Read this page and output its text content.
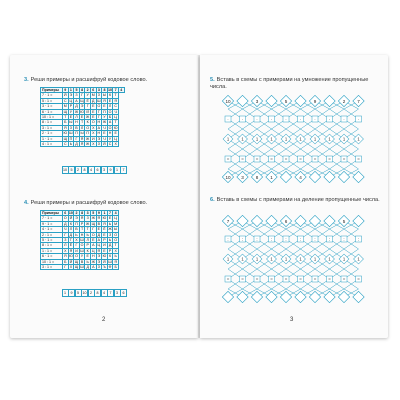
3. Реши примеры и расшифруй кодовое слово.
Примеры	9	1	5	8	2	6	3	8	10	7	4
7 · 1 =	Й	Э	З	Г	У	М	З	Ы	К	Т	
5 : 1 =	С	Ц	А	Щ	Ё	Д	Ш	Я	Е	Я	
3 · 1 =	М	Р	Д	Э	Г	Е	О	Е	Л	С	
6 · 1 =	Щ	У	Ж	Ю	Й	Е	Г	П	О	Ч	
10 : 1 =	Т	Е	Л	Е	Ж	Е	Г	У	Б	Ц	
8 : 1 =	Б	Ы	Н	Т	К	О	Н	Ж	А	Т	
3 : 1 =	Я	З	В	Л	О	Х	А	Ч	О	Ю	
2 · 1 =	Ю	Ш	П	Ы	П	Х	Н	Е	Н	Е	
1 · 1 =	Щ	П	Г	Я	Ж	И	Э	Ч	У	Ц	
4 : 1 =	С	Ь	Д	Я	Ж	Х	З	Й	С	Х	
10 5	2	8	4	6	3	9	1	7
4. Реши примеры и расшифруй кодовое слово.
Примеры	6	10	2	8	3	5	9	1	7	4
7 · 1 =	О	Й	Э	Я	З	Ж	Я	Ю	Е	Ц
9 · 1 =	Д	К	П	Р	Ж	Щ	В	Я	Ь	М
4 · 1 =	Ч	Л	В	Т	Т	Г	Е	Ё	Ж	Ы
2 : 1 =	Г	Д	Ь	Н	Ь	О	Д	Е	З	О
5 · 1 =	З	Т	Х	Ш	Л	Е	А	Р	Ь	О
8 : 1 =	Л	Ё	Г	О	Р	А	Ц	И	Д	Т
1 : 1 =	Х	Я	И	Ш	К	Ц	Я	Е	Р	Х
6 · 1 =	Я	Ю	О	У	Е	Н	Э	Ю	К	Ь
10 : 1 =	Б	Й	Щ	В	Ь	Ж	Э	Й	Ш	Я
3 : 1 =	Г	Х	Щ	Ш	Д	А	З	Ъ	Ф	Б
1	9	5 10 2	8	4	7	3	6
2
5. Вставь в схемы с примерами на умножение пропущенные числа.
10
·
1
=
10
·
1
=
3
3
·
1
=
8
·
1
=
1
5
·
1
=
·
1
=
4
9
·
1
=
·
1
=
2
·
1
=
7
·
1
=
6. Вставь в схемы с примерами на делениe пропущенные числа.
7
:
1
=
:
1
=
:
1
=
:
1
=
6
:
1
=
:
1
=
:
1
=
:
1
=
5
:
1
=
:
1
=
3
